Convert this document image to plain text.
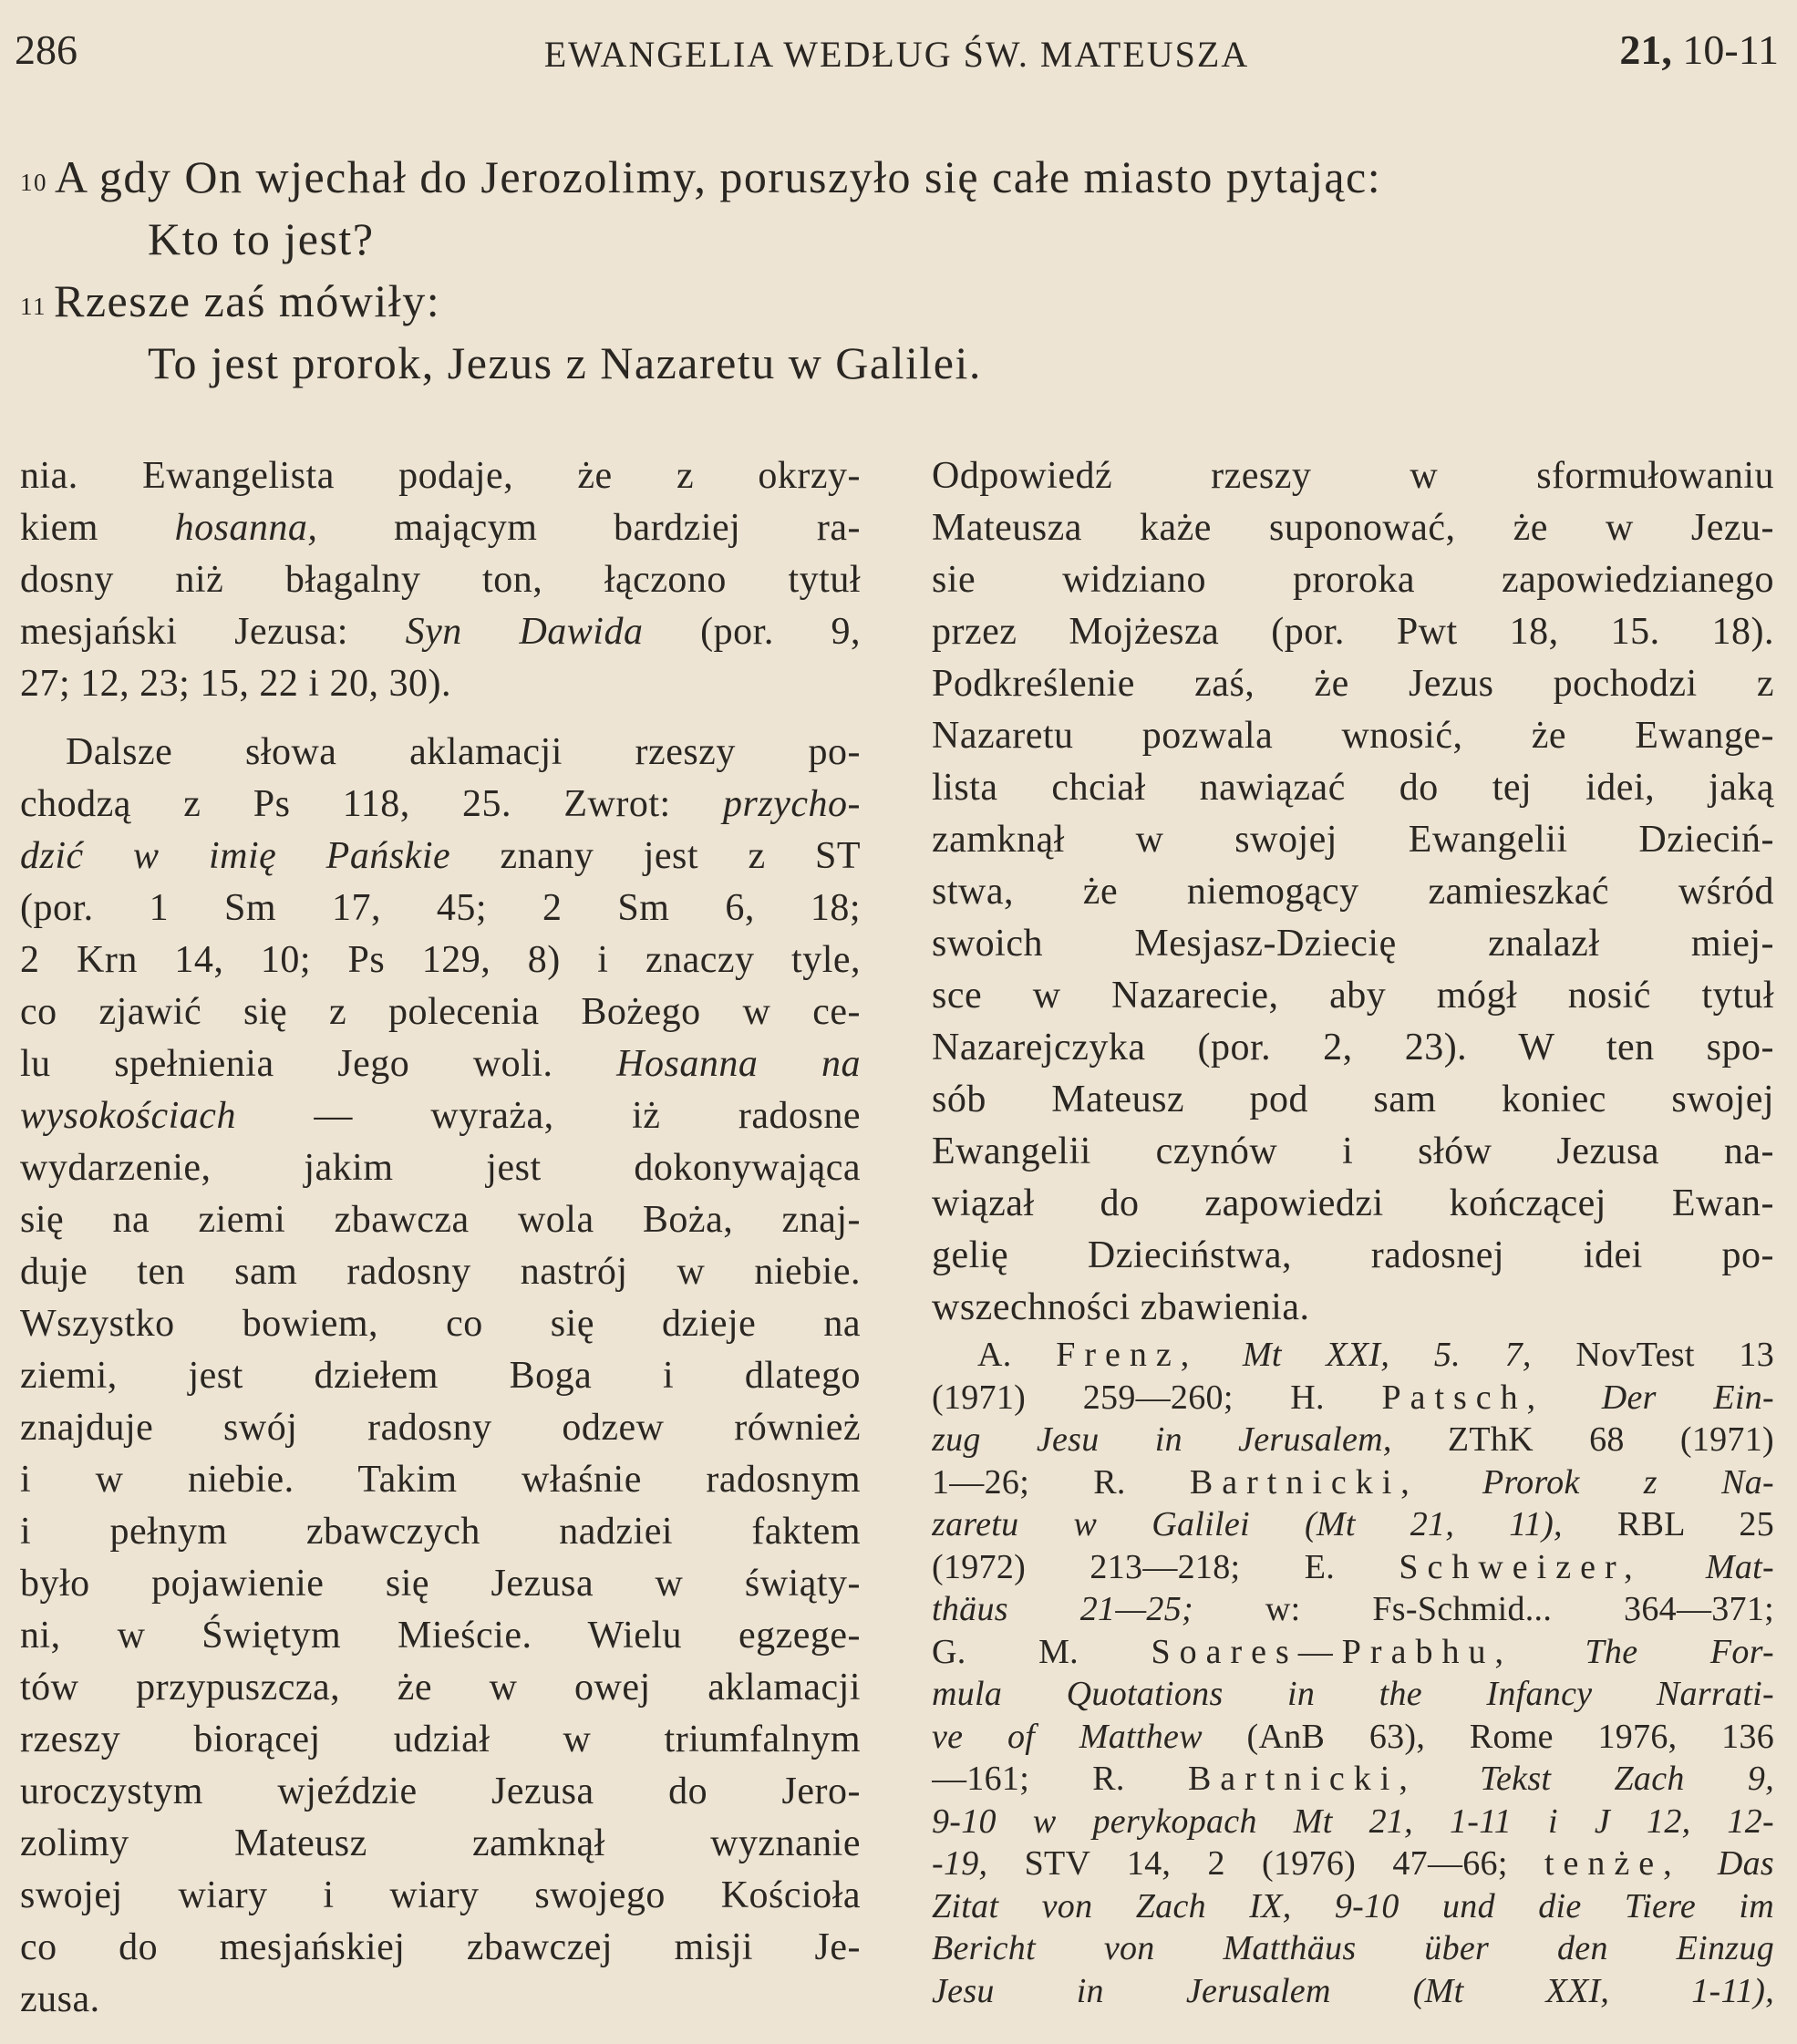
286	EWANGELIA WEDŁUG ŚW. MATEUSZA	21, 10-11
$^{10}$ A gdy On wjechał do Jerozolimy, poruszyło się całe miasto pytając:
Kto to jest?
$^{11}$ Rzesze zaś mówiły:
To jest prorok, Jezus z Nazaretu w Galilei.

nia. Ewangelista podaje, że z okrzy-
kiem hosanna, mającym bardziej ra-
dosny niż błagalny ton, łączono tytuł
mesjański Jezusa: Syn Dawida (por. 9,
27; 12, 23; 15, 22 i 20, 30).

Dalsze słowa aklamacji rzeszy po-
chodzą z Ps 118, 25. Zwrot: przycho-
dzić w imię Pańskie znany jest z ST
(por. 1 Sm 17, 45; 2 Sm 6, 18;
2 Krn 14, 10; Ps 129, 8) i znaczy tyle,
co zjawić się z polecenia Bożego w ce-
lu spełnienia Jego woli. Hosanna na
wysokościach — wyraża, iż radosne
wydarzenie, jakim jest dokonywająca
się na ziemi zbawcza wola Boża, znaj-
duje ten sam radosny nastrój w niebie.
Wszystko bowiem, co się dzieje na
ziemi, jest dziełem Boga i dlatego
znajduje swój radosny odzew również
i w niebie. Takim właśnie radosnym
i pełnym zbawczych nadziei faktem
było pojawienie się Jezusa w świąty-
ni, w Świętym Mieście. Wielu egzege-
tów przypuszcza, że w owej aklamacji
rzeszy biorącej udział w triumfalnym
uroczystym wjeździe Jezusa do Jero-
zolimy Mateusz zamknął wyznanie
swojej wiary i wiary swojego Kościoła
co do mesjańskiej zbawczej misji Je-
zusa.

Odpowiedź rzeszy w sformułowaniu
Mateusza każe suponować, że w Jezu-
sie widziano proroka zapowiedzianego
przez Mojżesza (por. Pwt 18, 15. 18).
Podkreślenie zaś, że Jezus pochodzi z
Nazaretu pozwala wnosić, że Ewange-
lista chciał nawiązać do tej idei, jaką
zamknął w swojej Ewangelii Dzieciń-
stwa, że niemogący zamieszkać wśród
swoich Mesjasz-Dziecię znalazł miej-
sce w Nazarecie, aby mógł nosić tytuł
Nazarejczyka (por. 2, 23). W ten spo-
sób Mateusz pod sam koniec swojej
Ewangelii czynów i słów Jezusa na-
wiązał do zapowiedzi kończącej Ewan-
gelię Dzieciństwa, radosnej idei po-
wszechności zbawienia.

A. Frenz, Mt XXI, 5. 7, NovTest 13
(1971) 259—260; H. Patsch, Der Ein-
zug Jesu in Jerusalem, ZThK 68 (1971)
1—26; R. Bartnicki, Prorok z Na-
zaretu w Galilei (Mt 21, 11), RBL 25
(1972) 213—218; E. Schweizer, Mat-
thäus 21—25; w: Fs-Schmid... 364—371;
G. M. Soares—Prabhu, The For-
mula Quotations in the Infancy Narrati-
ve of Matthew (AnB 63), Rome 1976, 136
—161; R. Bartnicki, Tekst Zach 9,
9-10 w perykopach Mt 21, 1-11 i J 12, 12-
-19, STV 14, 2 (1976) 47—66; tenże, Das
Zitat von Zach IX, 9-10 und die Tiere im
Bericht von Matthäus über den Einzug
Jesu in Jerusalem (Mt XXI, 1-11),
